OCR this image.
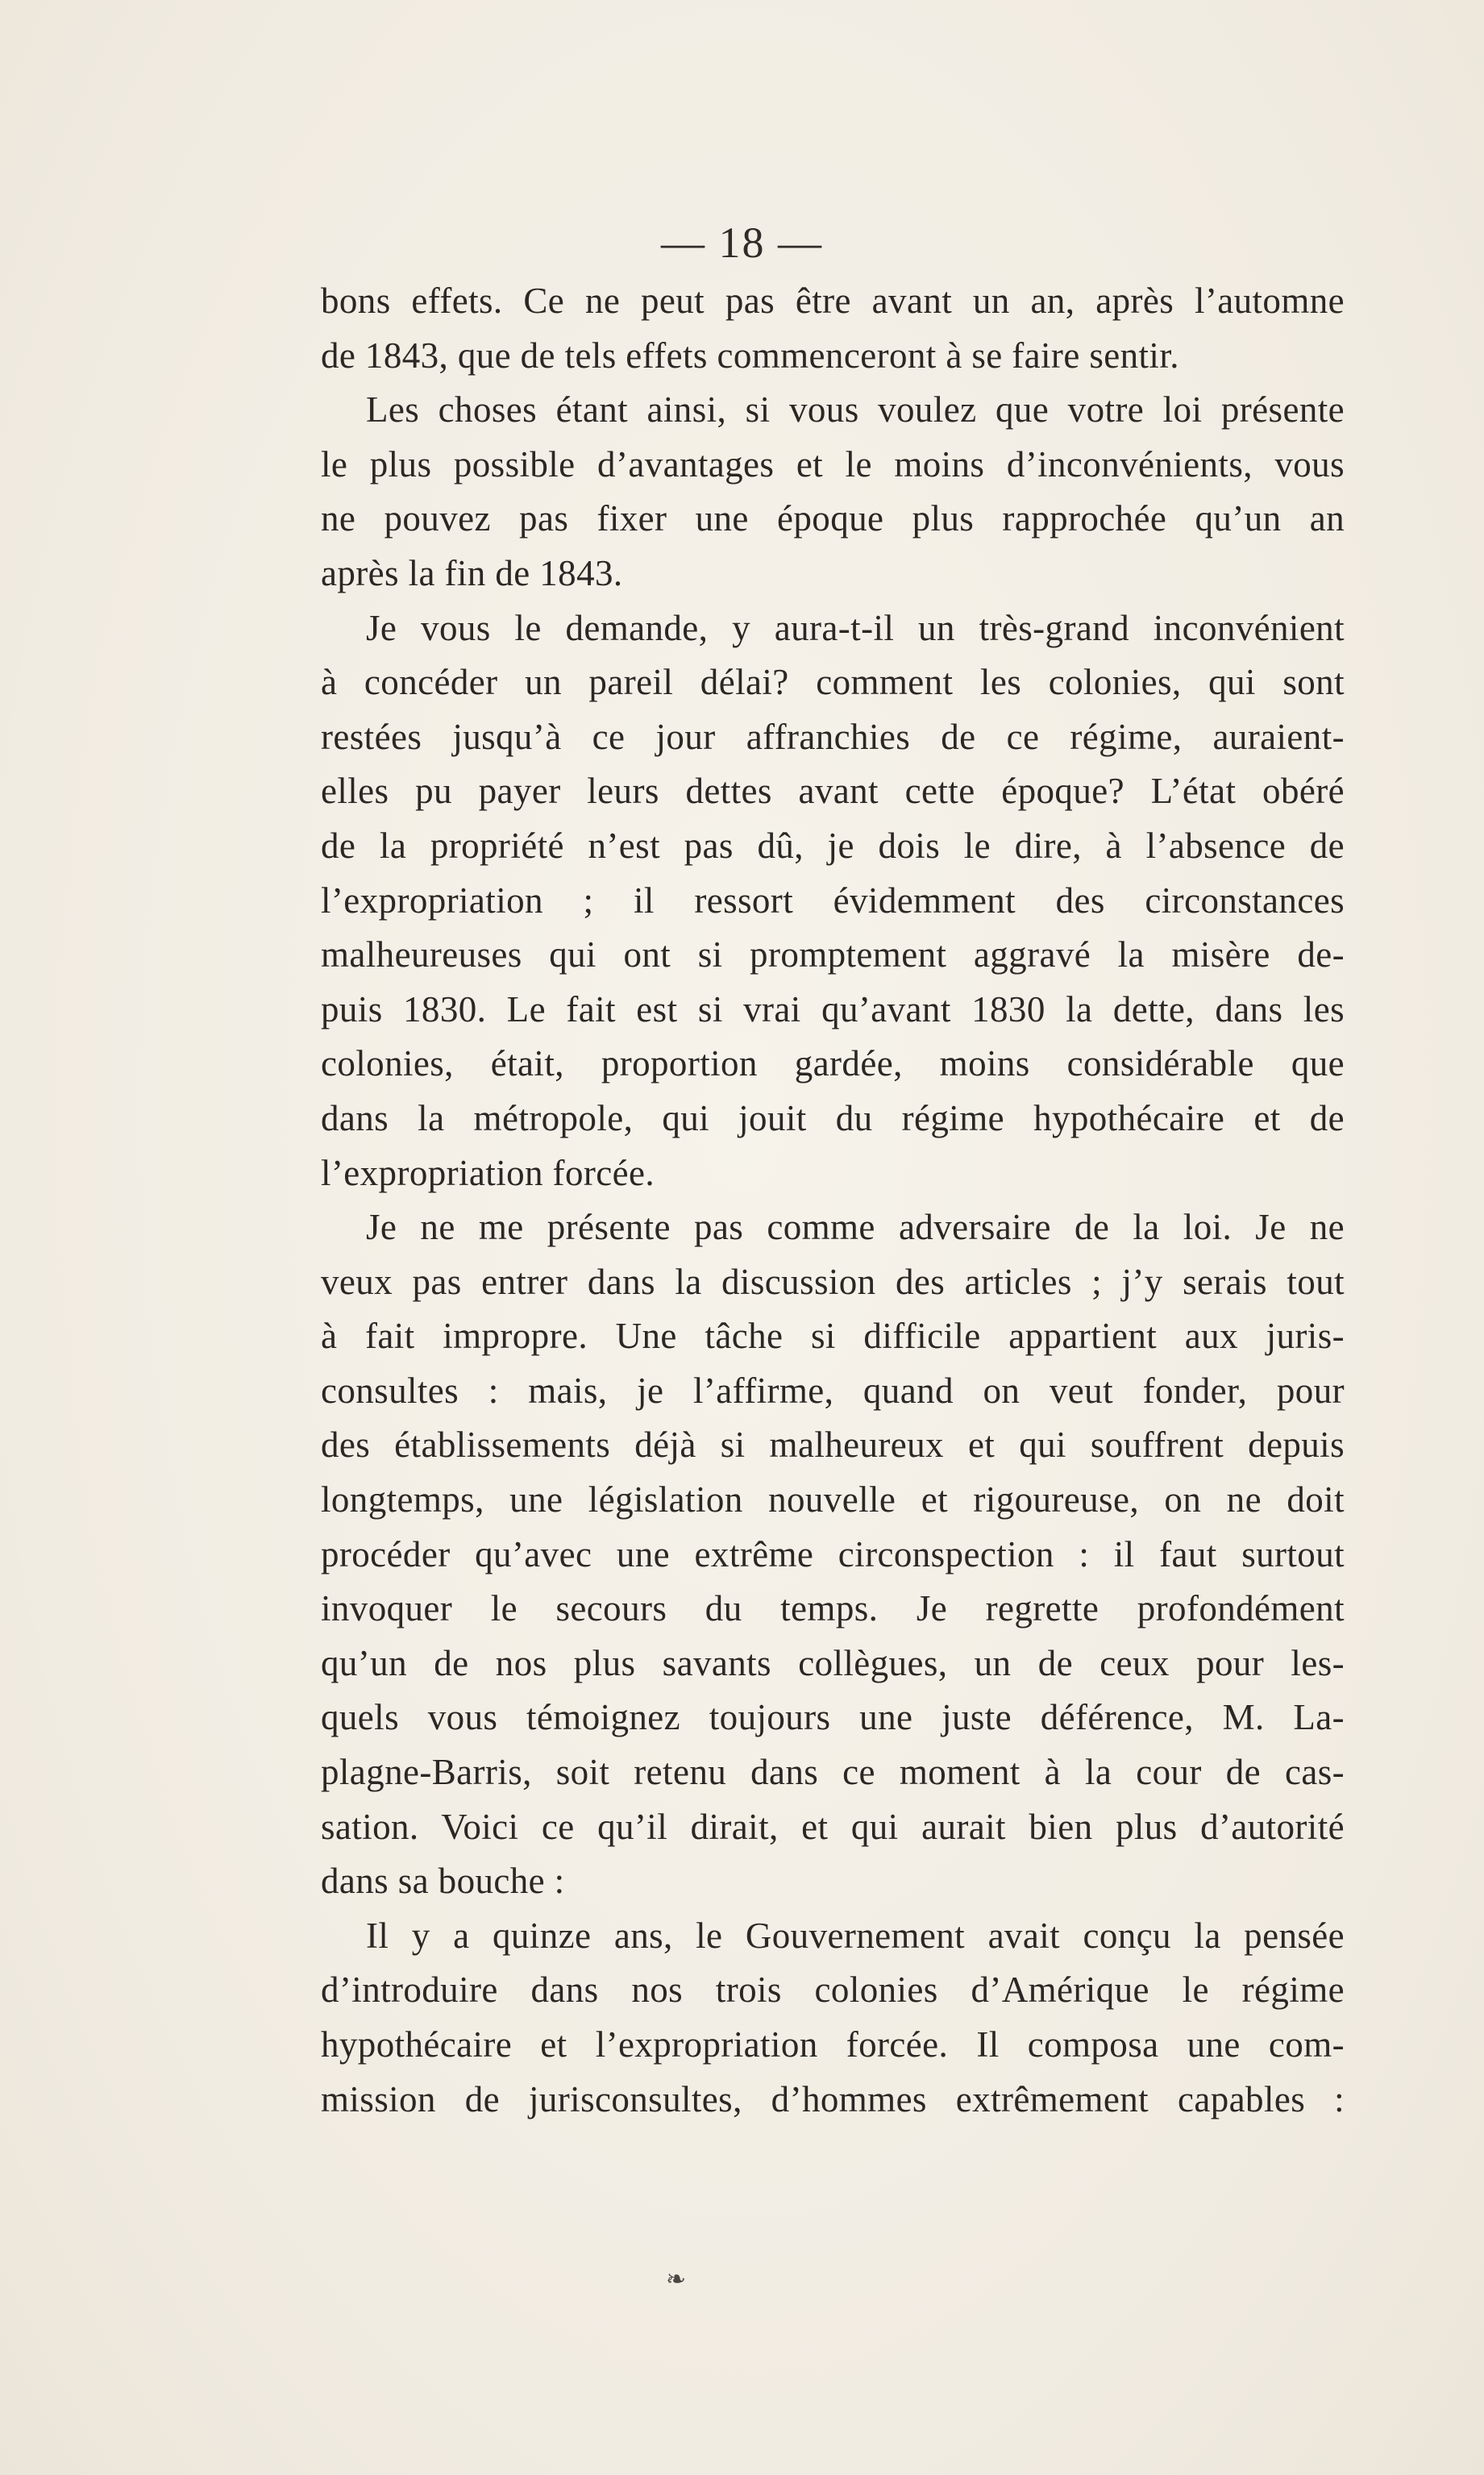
— 18 —
bons effets. Ce ne peut pas être avant un an, après l’automne
de 1843, que de tels effets commenceront à se faire sentir.
Les choses étant ainsi, si vous voulez que votre loi présente
le plus possible d’avantages et le moins d’inconvénients, vous
ne pouvez pas fixer une époque plus rapprochée qu’un an
après la fin de 1843.
Je vous le demande, y aura-t-il un très-grand inconvénient
à concéder un pareil délai? comment les colonies, qui sont
restées jusqu’à ce jour affranchies de ce régime, auraient-
elles pu payer leurs dettes avant cette époque? L’état obéré
de la propriété n’est pas dû, je dois le dire, à l’absence de
l’expropriation ; il ressort évidemment des circonstances
malheureuses qui ont si promptement aggravé la misère de-
puis 1830. Le fait est si vrai qu’avant 1830 la dette, dans les
colonies, était, proportion gardée, moins considérable que
dans la métropole, qui jouit du régime hypothécaire et de
l’expropriation forcée.
Je ne me présente pas comme adversaire de la loi. Je ne
veux pas entrer dans la discussion des articles ; j’y serais tout
à fait impropre. Une tâche si difficile appartient aux juris-
consultes : mais, je l’affirme, quand on veut fonder, pour
des établissements déjà si malheureux et qui souffrent depuis
longtemps, une législation nouvelle et rigoureuse, on ne doit
procéder qu’avec une extrême circonspection : il faut surtout
invoquer le secours du temps. Je regrette profondément
qu’un de nos plus savants collègues, un de ceux pour les-
quels vous témoignez toujours une juste déférence, M. La-
plagne-Barris, soit retenu dans ce moment à la cour de cas-
sation. Voici ce qu’il dirait, et qui aurait bien plus d’autorité
dans sa bouche :
Il y a quinze ans, le Gouvernement avait conçu la pensée
d’introduire dans nos trois colonies d’Amérique le régime
hypothécaire et l’expropriation forcée. Il composa une com-
mission de jurisconsultes, d’hommes extrêmement capables :
❧
